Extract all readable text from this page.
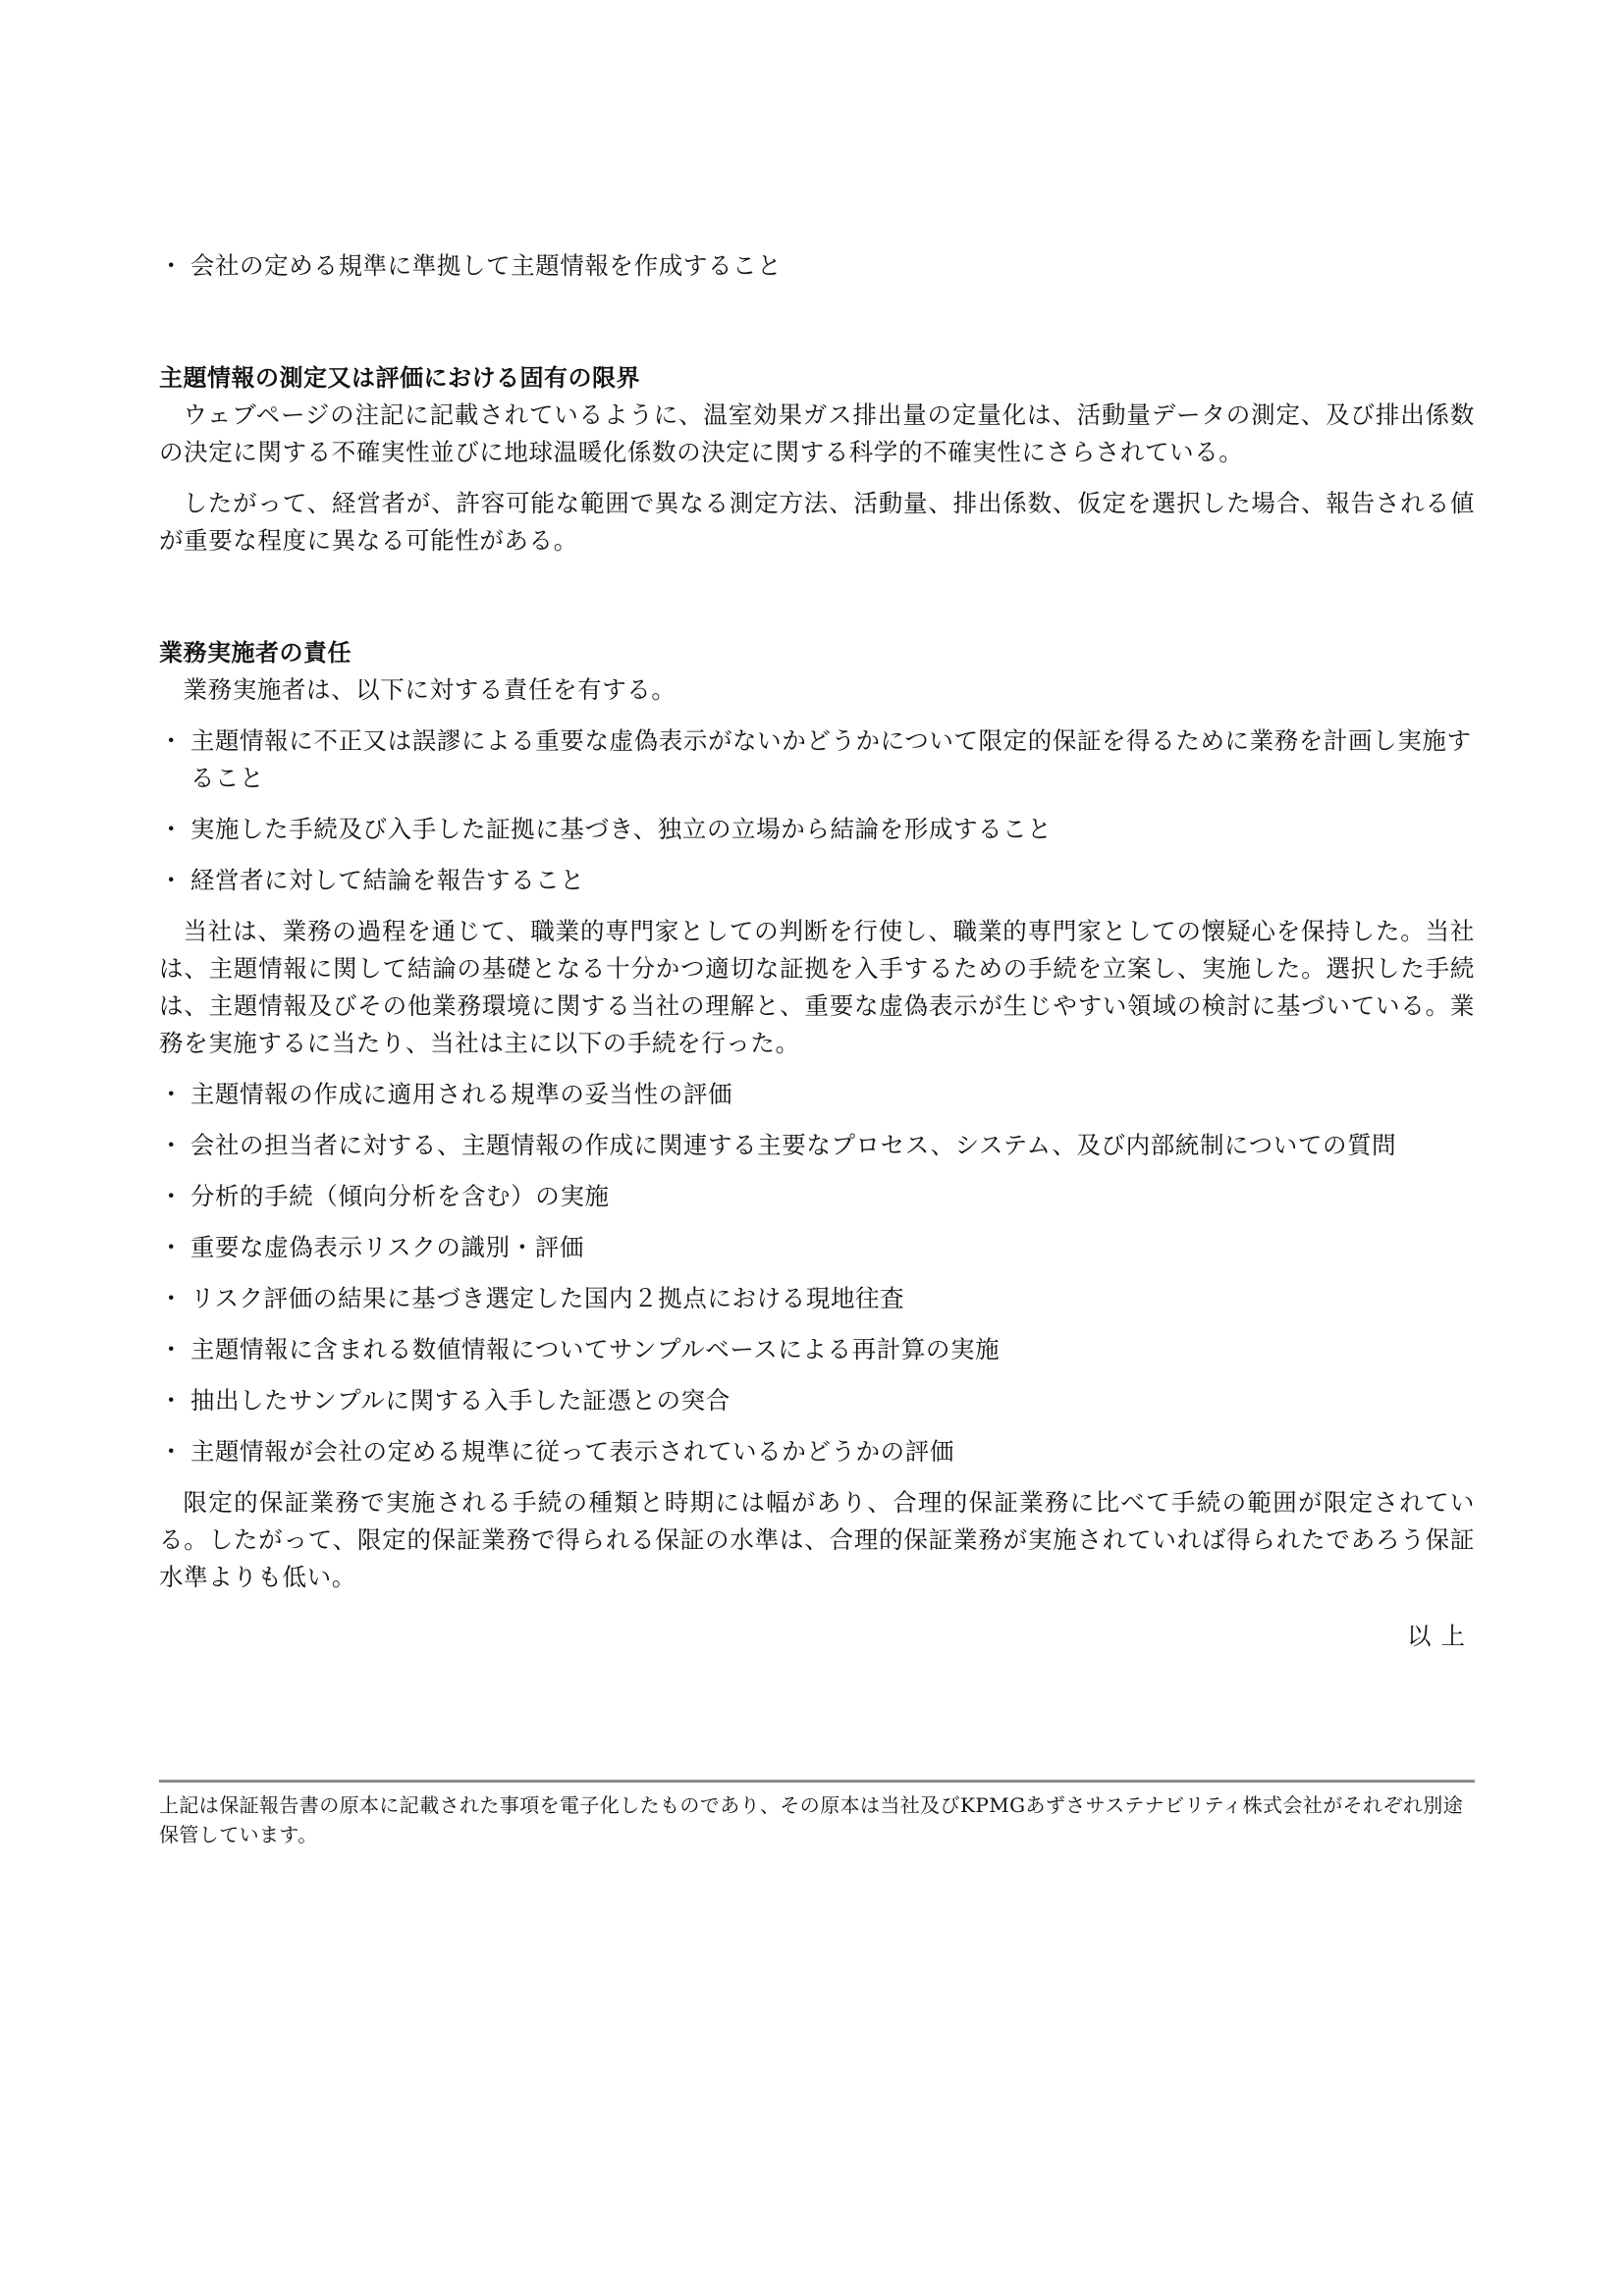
・ 会社の定める規準に準拠して主題情報を作成すること
主題情報の測定又は評価における固有の限界

ウェブページの注記に記載されているように、温室効果ガス排出量の定量化は、活動量データの測定、及び排出係数の決定に関する不確実性並びに地球温暖化係数の決定に関する科学的不確実性にさらされている。

したがって、経営者が、許容可能な範囲で異なる測定方法、活動量、排出係数、仮定を選択した場合、報告される値が重要な程度に異なる可能性がある。

業務実施者の責任

業務実施者は、以下に対する責任を有する。

・ 主題情報に不正又は誤謬による重要な虚偽表示がないかどうかについて限定的保証を得るために業務を計画し実施すること
・ 実施した手続及び入手した証拠に基づき、独立の立場から結論を形成すること
・ 経営者に対して結論を報告すること

当社は、業務の過程を通じて、職業的専門家としての判断を行使し、職業的専門家としての懐疑心を保持した。当社は、主題情報に関して結論の基礎となる十分かつ適切な証拠を入手するための手続を立案し、実施した。選択した手続は、主題情報及びその他業務環境に関する当社の理解と、重要な虚偽表示が生じやすい領域の検討に基づいている。業務を実施するに当たり、当社は主に以下の手続を行った。

・ 主題情報の作成に適用される規準の妥当性の評価
・ 会社の担当者に対する、主題情報の作成に関連する主要なプロセス、システム、及び内部統制についての質問
・ 分析的手続（傾向分析を含む）の実施
・ 重要な虚偽表示リスクの識別・評価
・ リスク評価の結果に基づき選定した国内２拠点における現地往査
・ 主題情報に含まれる数値情報についてサンプルベースによる再計算の実施
・ 抽出したサンプルに関する入手した証憑との突合
・ 主題情報が会社の定める規準に従って表示されているかどうかの評価

限定的保証業務で実施される手続の種類と時期には幅があり、合理的保証業務に比べて手続の範囲が限定されている。したがって、限定的保証業務で得られる保証の水準は、合理的保証業務が実施されていれば得られたであろう保証水準よりも低い。

以上
上記は保証報告書の原本に記載された事項を電子化したものであり、その原本は当社及びKPMGあずさサステナビリティ株式会社がそれぞれ別途保管しています。
